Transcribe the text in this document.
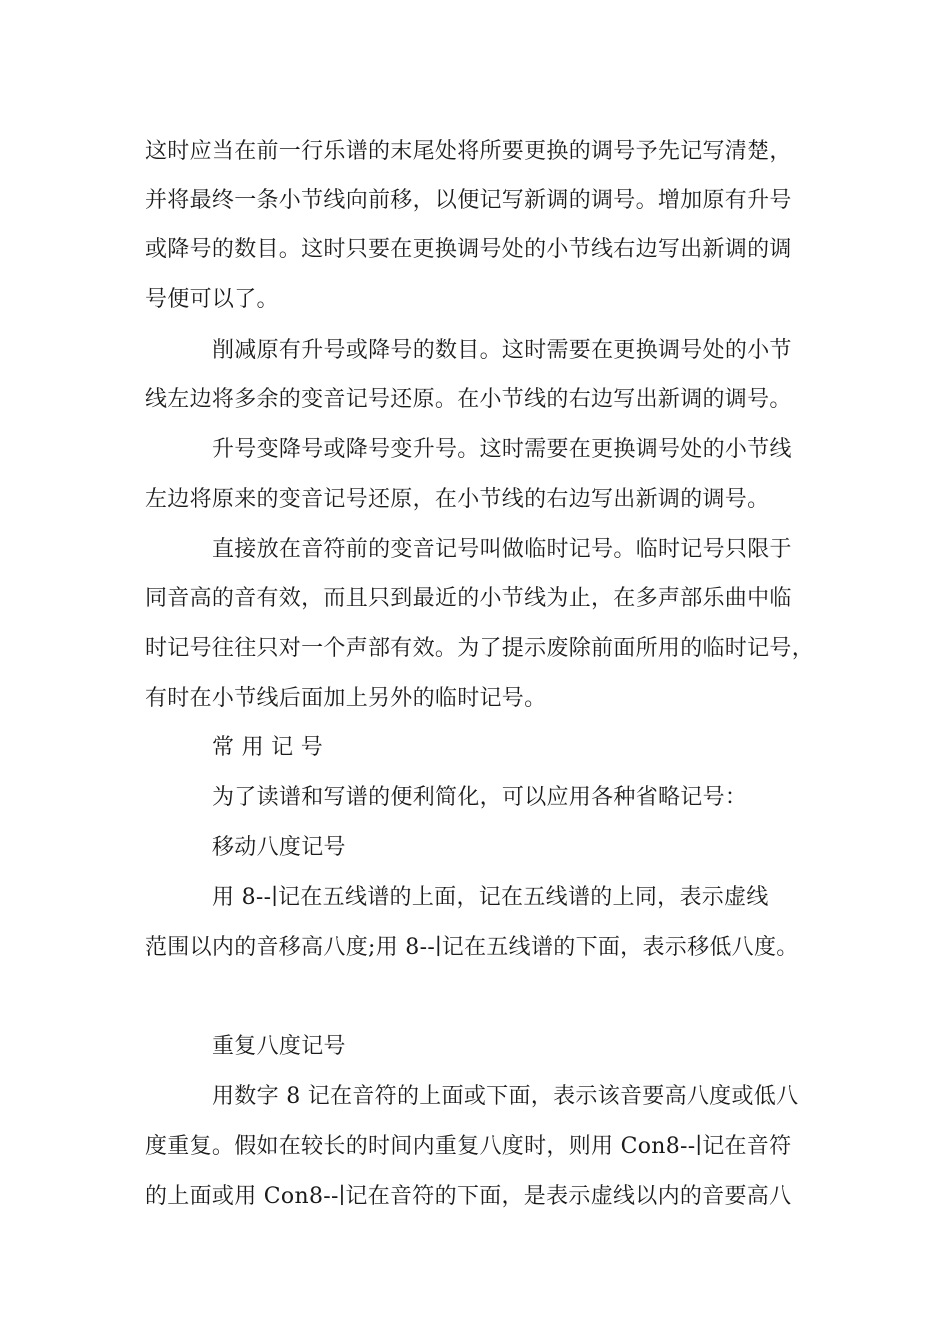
这时应当在前一行乐谱的末尾处将所要更换的调号予先记写清楚，
并将最终一条小节线向前移，以便记写新调的调号。增加原有升号
或降号的数目。这时只要在更换调号处的小节线右边写出新调的调
号便可以了。
削减原有升号或降号的数目。这时需要在更换调号处的小节
线左边将多余的变音记号还原。在小节线的右边写出新调的调号。
升号变降号或降号变升号。这时需要在更换调号处的小节线
左边将原来的变音记号还原，在小节线的右边写出新调的调号。
直接放在音符前的变音记号叫做临时记号。临时记号只限于
同音高的音有效，而且只到最近的小节线为止，在多声部乐曲中临
时记号往往只对一个声部有效。为了提示废除前面所用的临时记号，
有时在小节线后面加上另外的临时记号。
常 用 记 号
为了读谱和写谱的便利简化，可以应用各种省略记号：
移动八度记号
用 8--∣记在五线谱的上面，记在五线谱的上同，表示虚线
范围以内的音移高八度;用 8--∣记在五线谱的下面，表示移低八度。
重复八度记号
用数字 8 记在音符的上面或下面，表示该音要高八度或低八
度重复。假如在较长的时间内重复八度时，则用 Con8--∣记在音符
的上面或用 Con8--∣记在音符的下面，是表示虚线以内的音要高八
